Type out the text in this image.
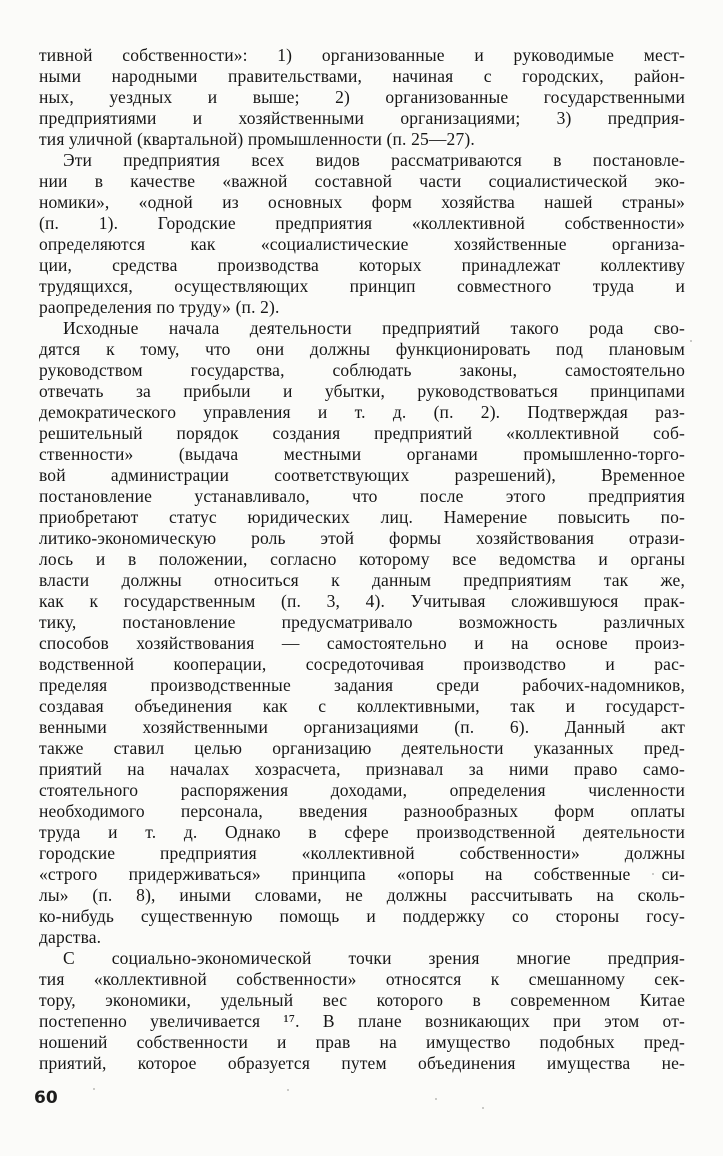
тивной собственности»: 1) организованные и руководимые мест-
ными народными правительствами, начиная с городских, район-
ных, уездных и выше; 2) организованные государственными
предприятиями и хозяйственными организациями; 3) предприя-
тия уличной (квартальной) промышленности (п. 25—27).
Эти предприятия всех видов рассматриваются в постановле-
нии в качестве «важной составной части социалистической эко-
номики», «одной из основных форм хозяйства нашей страны»
(п. 1). Городские предприятия «коллективной собственности»
определяются как «социалистические хозяйственные организа-
ции, средства производства которых принадлежат коллективу
трудящихся, осуществляющих принцип совместного труда и
раопределения по труду» (п. 2).
Исходные начала деятельности предприятий такого рода сво-
дятся к тому, что они должны функционировать под плановым
руководством государства, соблюдать законы, самостоятельно
отвечать за прибыли и убытки, руководствоваться принципами
демократического управления и т. д. (п. 2). Подтверждая раз-
решительный порядок создания предприятий «коллективной соб-
ственности» (выдача местными органами промышленно-торго-
вой администрации соответствующих разрешений), Временное
постановление устанавливало, что после этого предприятия
приобретают статус юридических лиц. Намерение повысить по-
литико-экономическую роль этой формы хозяйствования отрази-
лось и в положении, согласно которому все ведомства и органы
власти должны относиться к данным предприятиям так же,
как к государственным (п. 3, 4). Учитывая сложившуюся прак-
тику, постановление предусматривало возможность различных
способов хозяйствования — самостоятельно и на основе произ-
водственной кооперации, сосредоточивая производство и рас-
пределяя производственные задания среди рабочих-надомников,
создавая объединения как с коллективными, так и государст-
венными хозяйственными организациями (п. 6). Данный акт
также ставил целью организацию деятельности указанных пред-
приятий на началах хозрасчета, признавал за ними право само-
стоятельного распоряжения доходами, определения численности
необходимого персонала, введения разнообразных форм оплаты
труда и т. д. Однако в сфере производственной деятельности
городские предприятия «коллективной собственности» должны
«строго придерживаться» принципа «опоры на собственные си-
лы» (п. 8), иными словами, не должны рассчитывать на сколь-
ко-нибудь существенную помощь и поддержку со стороны госу-
дарства.
С социально-экономической точки зрения многие предприя-
тия «коллективной собственности» относятся к смешанному сек-
тору, экономики, удельный вес которого в современном Китае
постепенно увеличивается ¹⁷. В плане возникающих при этом от-
ношений собственности и прав на имущество подобных пред-
приятий, которое образуется путем объединения имущества не-
60
